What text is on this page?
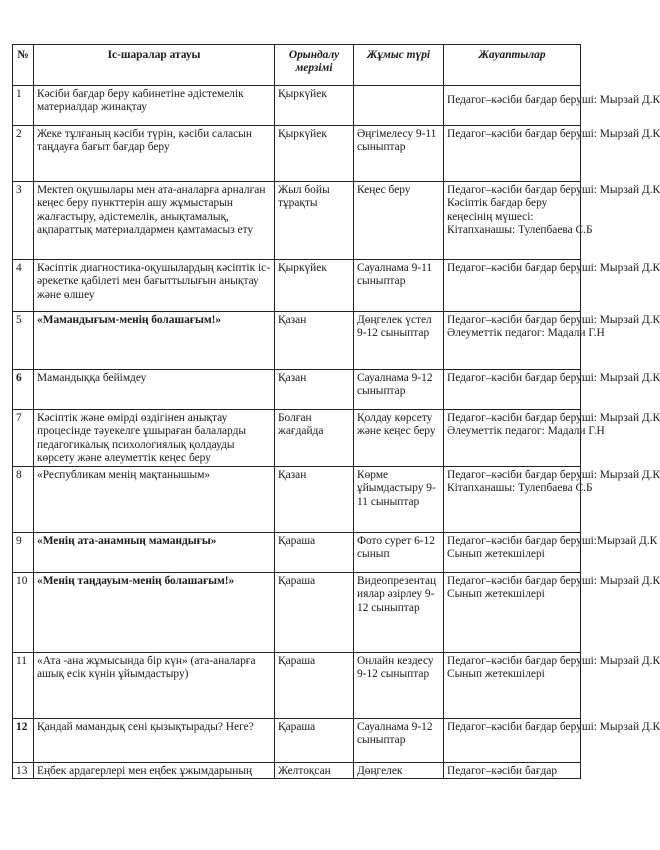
№	Іс-шаралар атауы	Орындалу мерзімі	Жұмыс түрі	Жауаптылар
1	Кәсіби бағдар беру кабинетіне әдістемелік материалдар жинақтау	Қыркүйек		Педагог–кәсіби бағдар беруші: Мырзай Д.К

2	Жеке тұлғаның кәсіби түрін, кәсіби саласын таңдауға бағыт бағдар беру	Қыркүйек	Әңгімелесу 9-11 сыныптар	Педагог–кәсіби бағдар беруші: Мырзай Д.К

3	Мектеп оқушылары мен ата-аналарға арналған кеңес беру пункттерін ашу жұмыстарын жалғастыру, әдістемелік, анықтамалық, ақпараттық материалдармен қамтамасыз ету	Жыл бойы тұрақты	Кеңес беру	Педагог–кәсіби бағдар беруші: Мырзай Д.К
Кәсіптік бағдар беру кеңесінің мүшесі:

Кітапханашы: Тулепбаева С.Б

4	Кәсіптік диагностика-оқушылардың кәсіптік іс-әрекетке қабілеті мен бағыттылығын анықтау және өлшеу	Қыркүйек	Сауалнама 9-11 сыныптар	Педагог–кәсіби бағдар беруші: Мырзай Д.К

5	«Мамандығым-менің болашағым!»	Қазан	Дөңгелек үстел 9-12 сыныптар	Педагог–кәсіби бағдар беруші: Мырзай Д.К
Әлеуметтік педагог: Мадали Г.Н

6	Мамандыққа бейімдеу	Қазан	Сауалнама 9-12 сыныптар	Педагог–кәсіби бағдар беруші: Мырзай Д.К

7	Кәсіптік және өмірді өздігінен анықтау процесінде тәуекелге ұшыраған балаларды педагогикалық психологиялық қолдауды көрсету және әлеуметтік кеңес беру	Болған жағдайда	Қолдау көрсету және кеңес беру	Педагог–кәсіби бағдар беруші: Мырзай Д.К
Әлеуметтік педагог: Мадали Г.Н

8	«Республикам менің мақтанышым»	Қазан	Көрме ұйымдастыру 9-11 сыныптар	Педагог–кәсіби бағдар беруші: Мырзай Д.К
Кітапханашы: Тулепбаева С.Б

9	«Менің ата-анамның мамандығы»	Қараша	Фото сурет 6-12 сынып	Педагог–кәсіби бағдар беруші:Мырзай Д.К
Сынып жетекшілері

10	«Менің таңдауым-менің болашағым!»	Қараша	Видеопрезентациялар әзірлеу 9-12 сыныптар	Педагог–кәсіби бағдар беруші: Мырзай Д.К
Сынып жетекшілері

11	«Ата -ана жұмысында бір күн» (ата-аналарға ашық есік күнін ұйымдастыру)	Қараша	Онлайн кездесу 9-12 сыныптар	Педагог–кәсіби бағдар беруші: Мырзай Д.К
Сынып жетекшілері

12	Қандай мамандық сені қызықтырады? Неге?	Қараша	Сауалнама 9-12 сыныптар	Педагог–кәсіби бағдар беруші: Мырзай Д.К

13	Еңбек ардагерлері мен еңбек ұжымдарының	Желтоқсан	Дөңгелек	Педагог–кәсіби бағдар
